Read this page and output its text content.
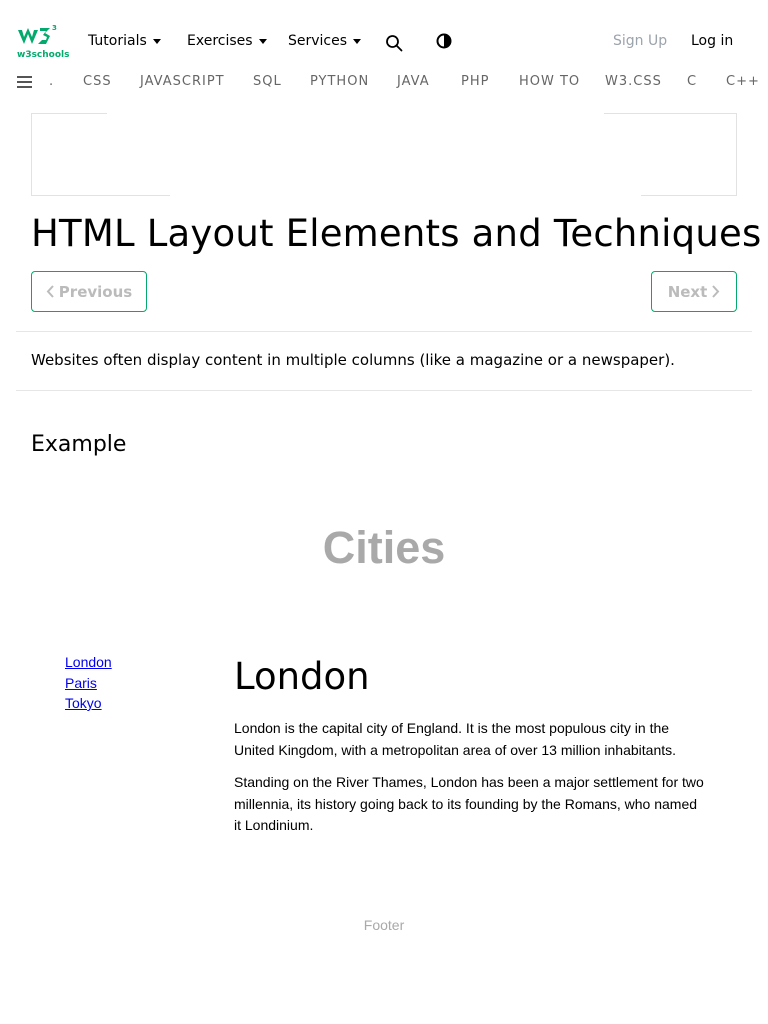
3
w3schools
Tutorials	Exercises	Services	Sign Up Log in
. CSS JAVASCRIPT SQL PYTHON JAVA PHP HOW TO W3.CSS C C++
HTML Layout Elements and Techniques
Previous	Next

Websites often display content in multiple columns (like a magazine or a newspaper).

Example
Cities
London
Paris
Tokyo
London

London is the capital city of England. It is the most populous city in the United Kingdom, with a metropolitan area of over 13 million inhabitants.

Standing on the River Thames, London has been a major settlement for two millennia, its history going back to its founding by the Romans, who named it Londinium.

Footer
